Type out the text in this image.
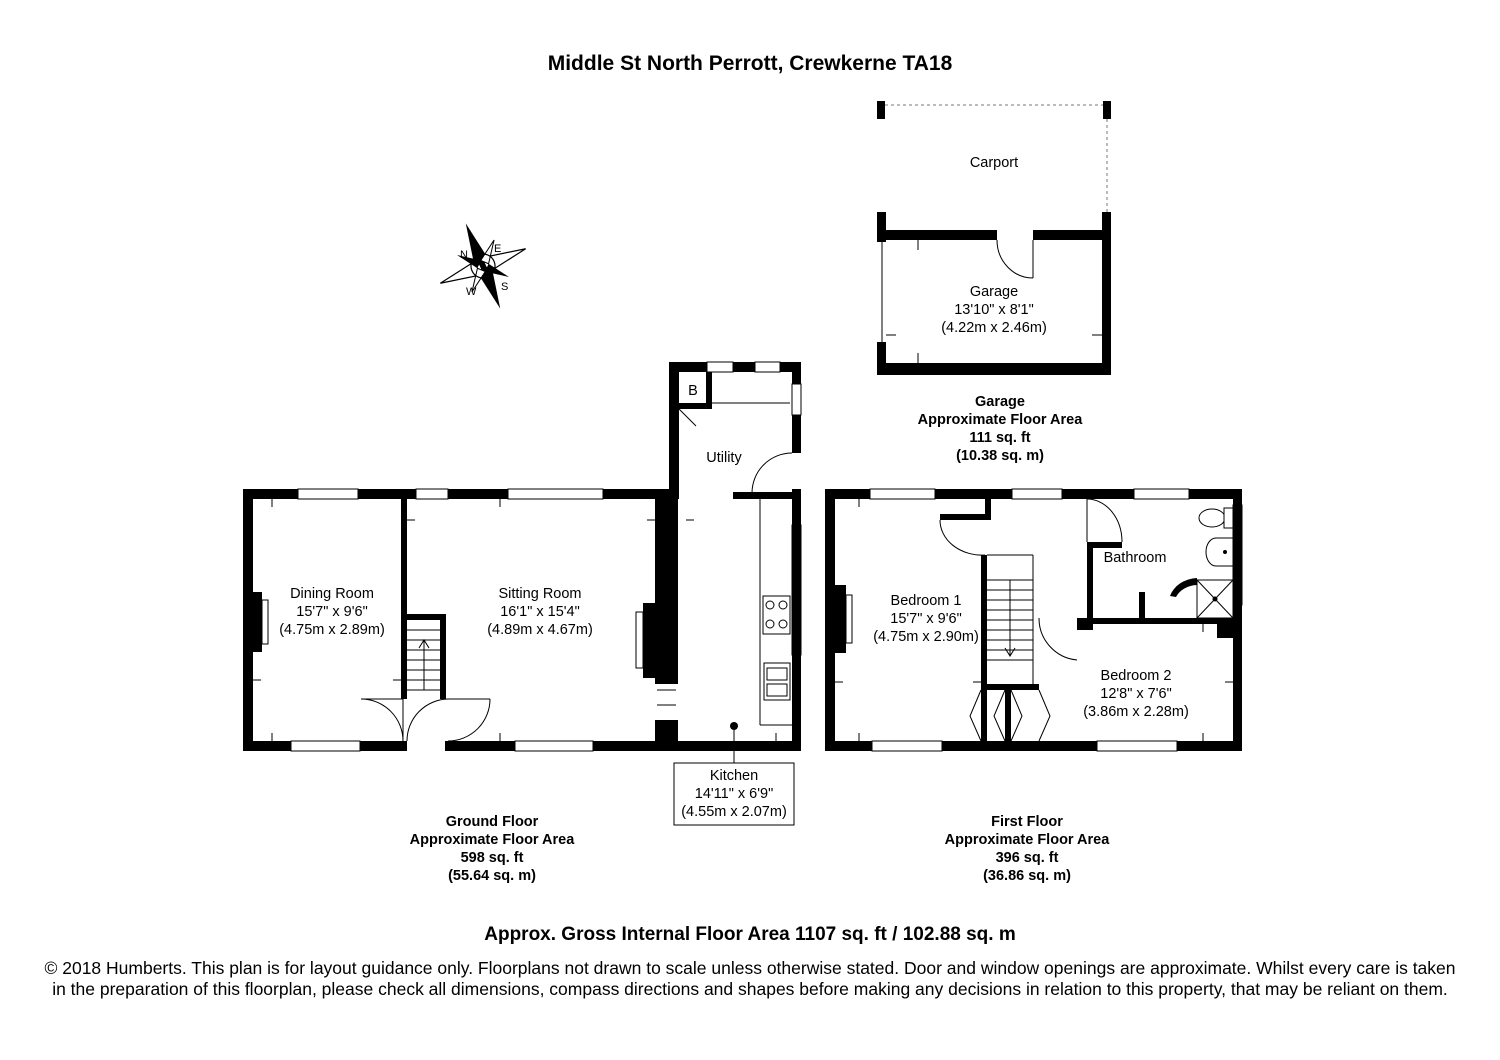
N E
S
W
Middle St North Perrott, Crewkerne TA18
Carport
Garage
13'10" x 8'1"
(4.22m x 2.46m)
Garage
Approximate Floor Area
111 sq. ft
(10.38 sq. m)
B
Utility
Dining Room
15'7" x 9'6"
(4.75m x 2.89m)
Sitting Room
16'1" x 15'4"
(4.89m x 4.67m)
Kitchen
14'11" x 6'9"
(4.55m x 2.07m)
Bedroom 1
15'7" x 9'6"
(4.75m x 2.90m)
Bathroom
Bedroom 2
12'8" x 7'6"
(3.86m x 2.28m)
Ground Floor
Approximate Floor Area
598 sq. ft
(55.64 sq. m)
First Floor
Approximate Floor Area
396 sq. ft
(36.86 sq. m)
Approx. Gross Internal Floor Area 1107 sq. ft / 102.88 sq. m
© 2018 Humberts. This plan is for layout guidance only. Floorplans not drawn to scale unless otherwise stated. Door and window openings are approximate. Whilst every care is taken in the preparation of this floorplan, please check all dimensions, compass directions and shapes before making any decisions in relation to this property, that may be reliant on them.
